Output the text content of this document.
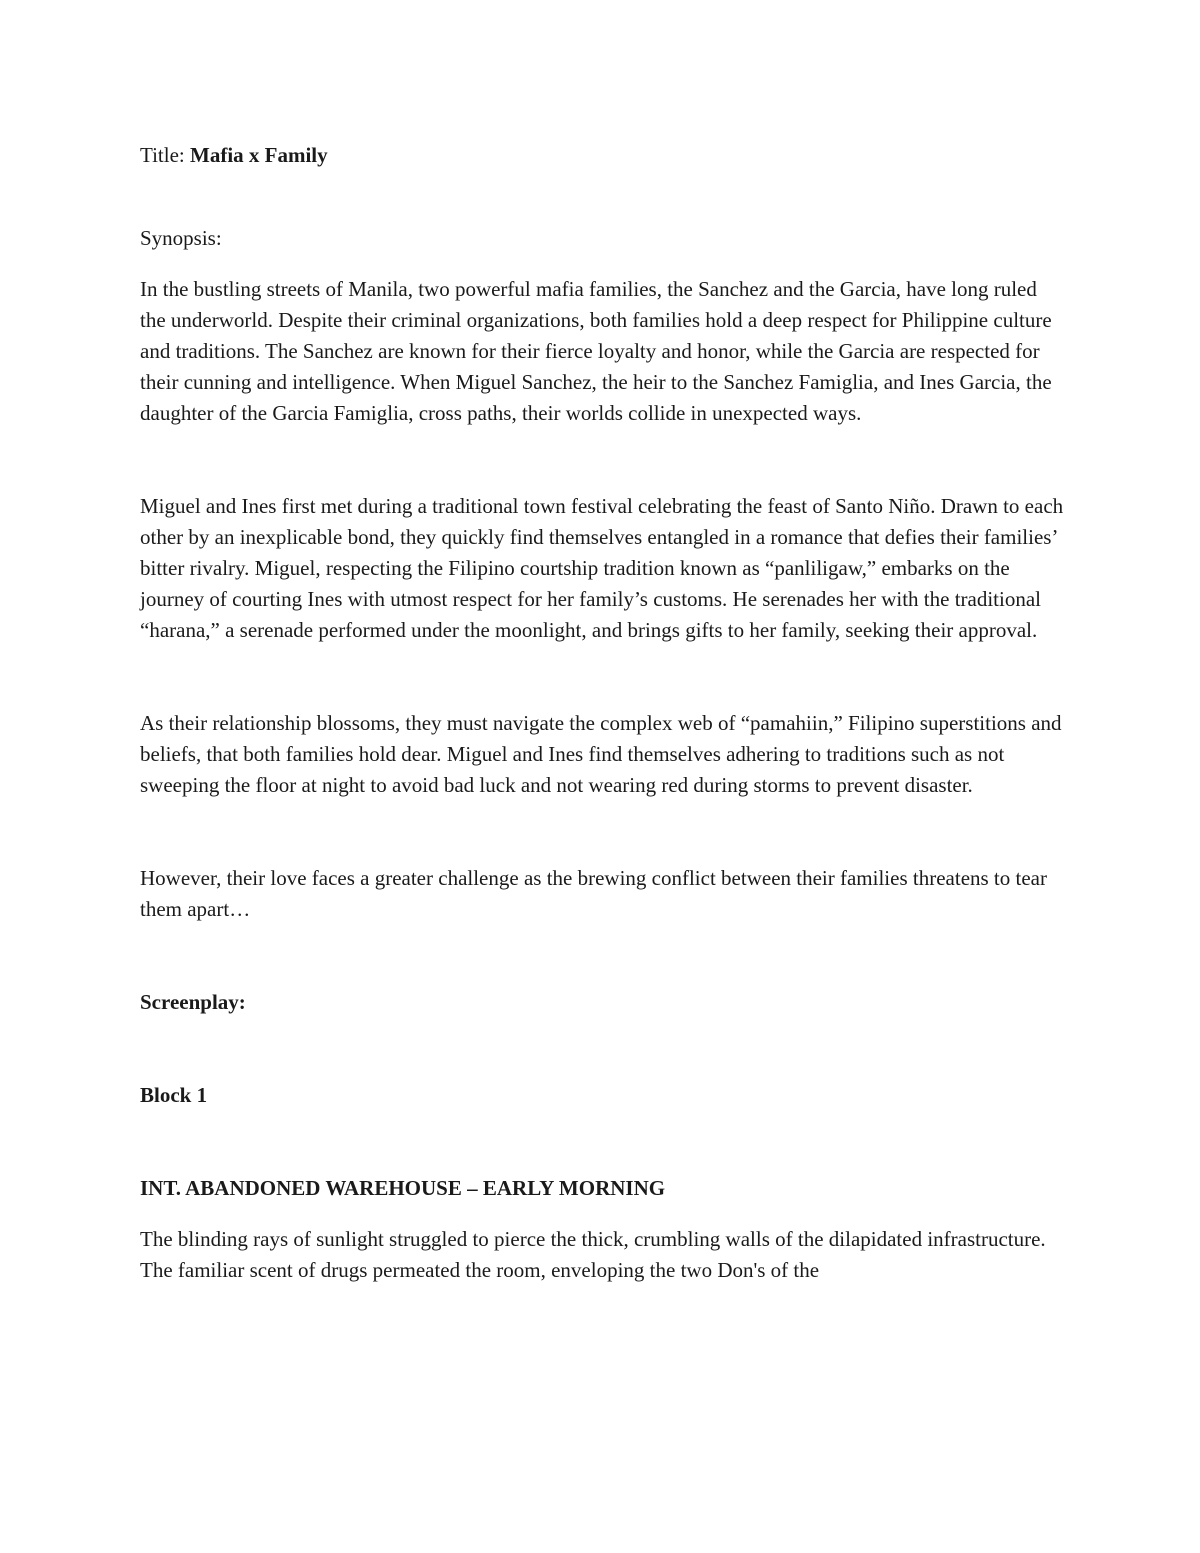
Title: Mafia x Family

Synopsis:

In the bustling streets of Manila, two powerful mafia families, the Sanchez and the Garcia, have long ruled the underworld. Despite their criminal organizations, both families hold a deep respect for Philippine culture and traditions. The Sanchez are known for their fierce loyalty and honor, while the Garcia are respected for their cunning and intelligence. When Miguel Sanchez, the heir to the Sanchez Famiglia, and Ines Garcia, the daughter of the Garcia Famiglia, cross paths, their worlds collide in unexpected ways.

Miguel and Ines first met during a traditional town festival celebrating the feast of Santo Niño. Drawn to each other by an inexplicable bond, they quickly find themselves entangled in a romance that defies their families’ bitter rivalry. Miguel, respecting the Filipino courtship tradition known as “panliligaw,” embarks on the journey of courting Ines with utmost respect for her family’s customs. He serenades her with the traditional “harana,” a serenade performed under the moonlight, and brings gifts to her family, seeking their approval.

As their relationship blossoms, they must navigate the complex web of “pamahiin,” Filipino superstitions and beliefs, that both families hold dear. Miguel and Ines find themselves adhering to traditions such as not sweeping the floor at night to avoid bad luck and not wearing red during storms to prevent disaster.

However, their love faces a greater challenge as the brewing conflict between their families threatens to tear them apart…

Screenplay:

Block 1

INT. ABANDONED WAREHOUSE – EARLY MORNING

The blinding rays of sunlight struggled to pierce the thick, crumbling walls of the dilapidated infrastructure. The familiar scent of drugs permeated the room, enveloping the two Don's of the
